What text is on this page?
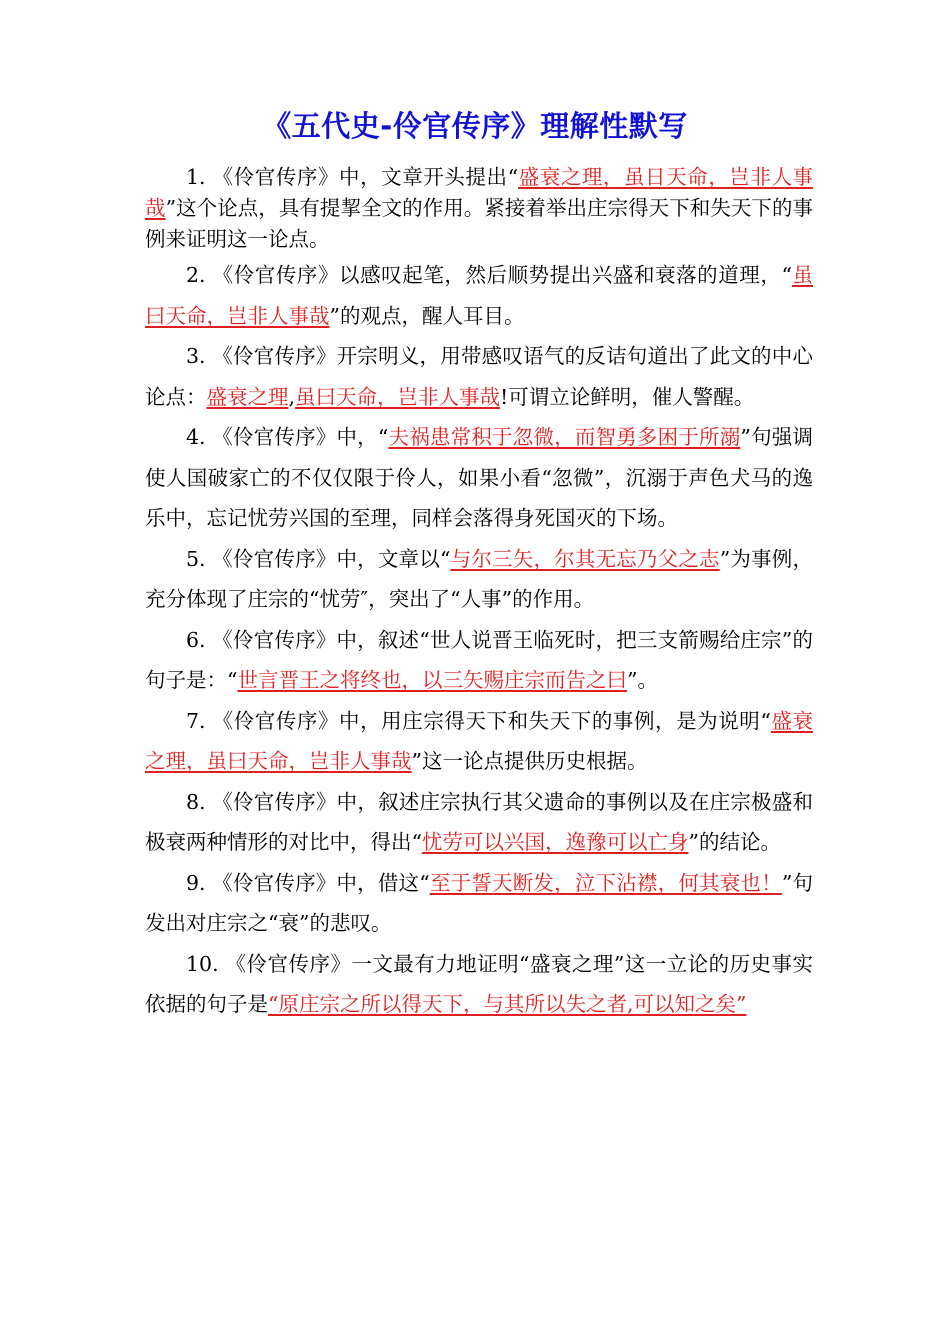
《五代史-伶官传序》理解性默写

1. 《伶官传序》中，文章开头提出“盛衰之理，虽日天命，岂非人事哉”这个论点，具有提挈全文的作用。紧接着举出庄宗得天下和失天下的事例来证明这一论点。

2. 《伶官传序》以感叹起笔，然后顺势提出兴盛和衰落的道理，“虽曰天命，岂非人事哉”的观点，醒人耳目。

3. 《伶官传序》开宗明义，用带感叹语气的反诘句道出了此文的中心论点：盛衰之理,虽曰天命，岂非人事哉!可谓立论鲜明，催人警醒。

4. 《伶官传序》中，“夫祸患常积于忽微，而智勇多困于所溺”句强调使人国破家亡的不仅仅限于伶人，如果小看“忽微”，沉溺于声色犬马的逸乐中，忘记忧劳兴国的至理，同样会落得身死国灭的下场。

5. 《伶官传序》中，文章以“与尔三矢，尔其无忘乃父之志”为事例，充分体现了庄宗的“忧劳″，突出了“人事”的作用。

6. 《伶官传序》中，叙述“世人说晋王临死时，把三支箭赐给庄宗”的句子是：“世言晋王之将终也，以三矢赐庄宗而告之曰”。

7. 《伶官传序》中，用庄宗得天下和失天下的事例，是为说明“盛衰之理，虽曰天命，岂非人事哉”这一论点提供历史根据。

8. 《伶官传序》中，叙述庄宗执行其父遗命的事例以及在庄宗极盛和极衰两种情形的对比中，得出“忧劳可以兴国，逸豫可以亡身”的结论。

9. 《伶官传序》中，借这“至于誓天断发，泣下沾襟，何其衰也！”句发出对庄宗之“衰”的悲叹。

10. 《伶官传序》一文最有力地证明“盛衰之理”这一立论的历史事实依据的句子是“原庄宗之所以得天下，与其所以失之者,可以知之矣”
